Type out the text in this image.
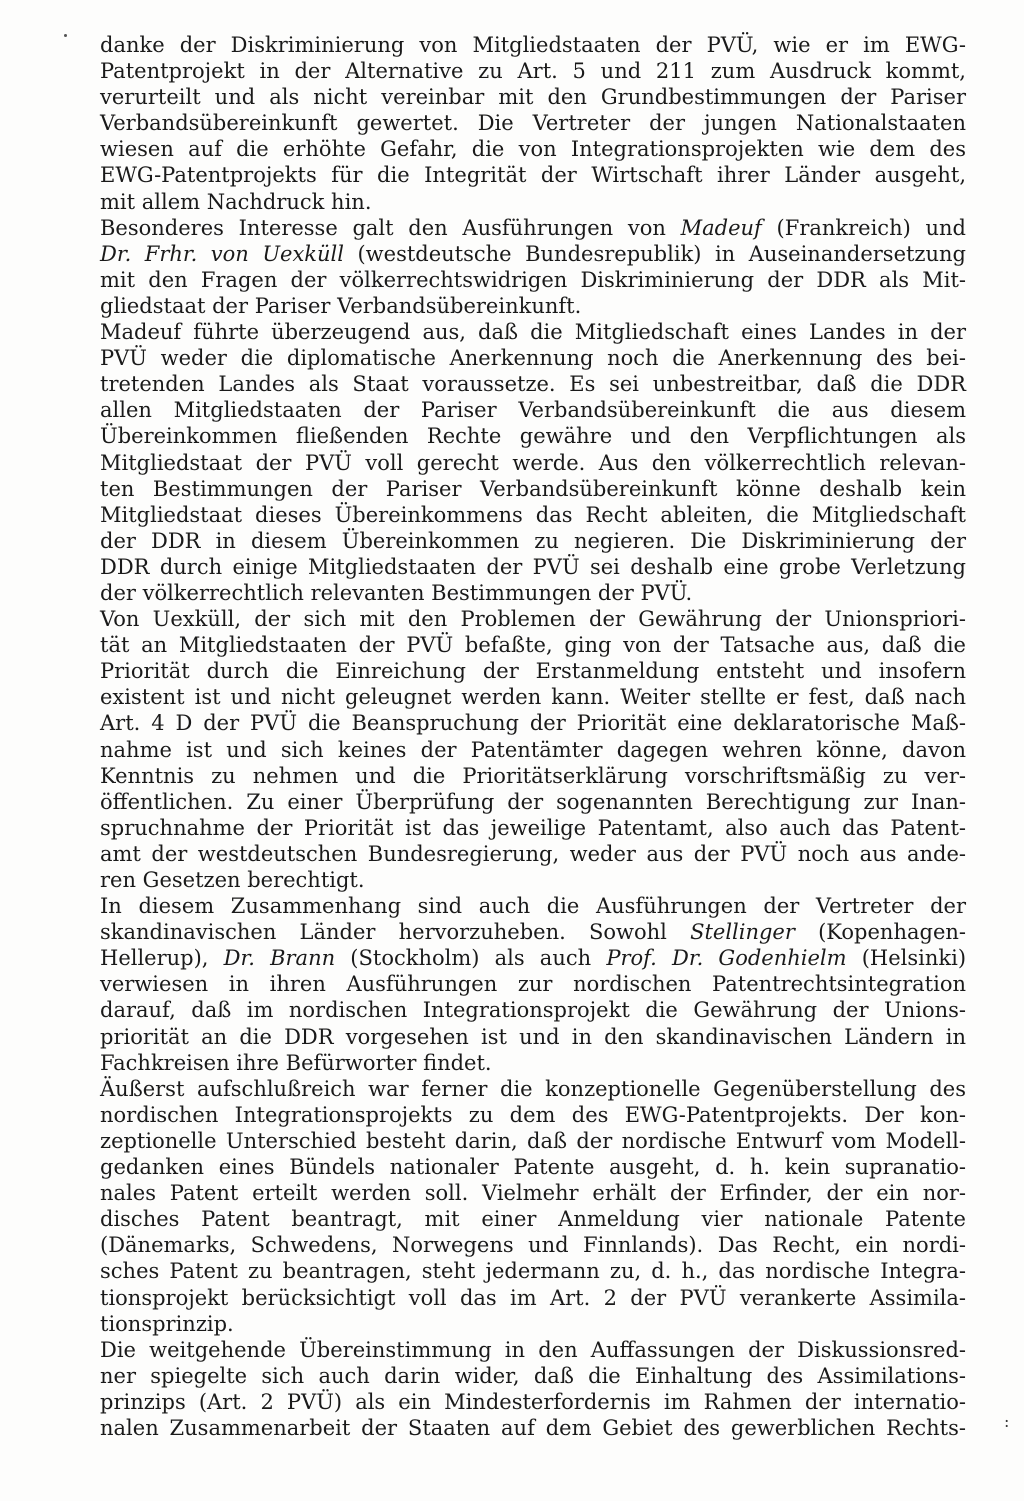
danke der Diskriminierung von Mitgliedstaaten der PVÜ, wie er im EWG-
Patentprojekt in der Alternative zu Art. 5 und 211 zum Ausdruck kommt,
verurteilt und als nicht vereinbar mit den Grundbestimmungen der Pariser
Verbandsübereinkunft gewertet. Die Vertreter der jungen Nationalstaaten
wiesen auf die erhöhte Gefahr, die von Integrationsprojekten wie dem des
EWG-Patentprojekts für die Integrität der Wirtschaft ihrer Länder ausgeht,
mit allem Nachdruck hin.
Besonderes Interesse galt den Ausführungen von Madeuf (Frankreich) und
Dr. Frhr. von Uexküll (westdeutsche Bundesrepublik) in Auseinandersetzung
mit den Fragen der völkerrechtswidrigen Diskriminierung der DDR als Mit-
gliedstaat der Pariser Verbandsübereinkunft.
Madeuf führte überzeugend aus, daß die Mitgliedschaft eines Landes in der
PVÜ weder die diplomatische Anerkennung noch die Anerkennung des bei-
tretenden Landes als Staat voraussetze. Es sei unbestreitbar, daß die DDR
allen Mitgliedstaaten der Pariser Verbandsübereinkunft die aus diesem
Übereinkommen fließenden Rechte gewähre und den Verpflichtungen als
Mitgliedstaat der PVÜ voll gerecht werde. Aus den völkerrechtlich relevan-
ten Bestimmungen der Pariser Verbandsübereinkunft könne deshalb kein
Mitgliedstaat dieses Übereinkommens das Recht ableiten, die Mitgliedschaft
der DDR in diesem Übereinkommen zu negieren. Die Diskriminierung der
DDR durch einige Mitgliedstaaten der PVÜ sei deshalb eine grobe Verletzung
der völkerrechtlich relevanten Bestimmungen der PVÜ.
Von Uexküll, der sich mit den Problemen der Gewährung der Unionspriori-
tät an Mitgliedstaaten der PVÜ befaßte, ging von der Tatsache aus, daß die
Priorität durch die Einreichung der Erstanmeldung entsteht und insofern
existent ist und nicht geleugnet werden kann. Weiter stellte er fest, daß nach
Art. 4 D der PVÜ die Beanspruchung der Priorität eine deklaratorische Maß-
nahme ist und sich keines der Patentämter dagegen wehren könne, davon
Kenntnis zu nehmen und die Prioritätserklärung vorschriftsmäßig zu ver-
öffentlichen. Zu einer Überprüfung der sogenannten Berechtigung zur Inan-
spruchnahme der Priorität ist das jeweilige Patentamt, also auch das Patent-
amt der westdeutschen Bundesregierung, weder aus der PVÜ noch aus ande-
ren Gesetzen berechtigt.
In diesem Zusammenhang sind auch die Ausführungen der Vertreter der
skandinavischen Länder hervorzuheben. Sowohl Stellinger (Kopenhagen-
Hellerup), Dr. Brann (Stockholm) als auch Prof. Dr. Godenhielm (Helsinki)
verwiesen in ihren Ausführungen zur nordischen Patentrechtsintegration
darauf, daß im nordischen Integrationsprojekt die Gewährung der Unions-
priorität an die DDR vorgesehen ist und in den skandinavischen Ländern in
Fachkreisen ihre Befürworter findet.
Äußerst aufschlußreich war ferner die konzeptionelle Gegenüberstellung des
nordischen Integrationsprojekts zu dem des EWG-Patentprojekts. Der kon-
zeptionelle Unterschied besteht darin, daß der nordische Entwurf vom Modell-
gedanken eines Bündels nationaler Patente ausgeht, d. h. kein supranatio-
nales Patent erteilt werden soll. Vielmehr erhält der Erfinder, der ein nor-
disches Patent beantragt, mit einer Anmeldung vier nationale Patente
(Dänemarks, Schwedens, Norwegens und Finnlands). Das Recht, ein nordi-
sches Patent zu beantragen, steht jedermann zu, d. h., das nordische Integra-
tionsprojekt berücksichtigt voll das im Art. 2 der PVÜ verankerte Assimila-
tionsprinzip.
Die weitgehende Übereinstimmung in den Auffassungen der Diskussionsred-
ner spiegelte sich auch darin wider, daß die Einhaltung des Assimilations-
prinzips (Art. 2 PVÜ) als ein Mindesterfordernis im Rahmen der internatio-
nalen Zusammenarbeit der Staaten auf dem Gebiet des gewerblichen Rechts- :
